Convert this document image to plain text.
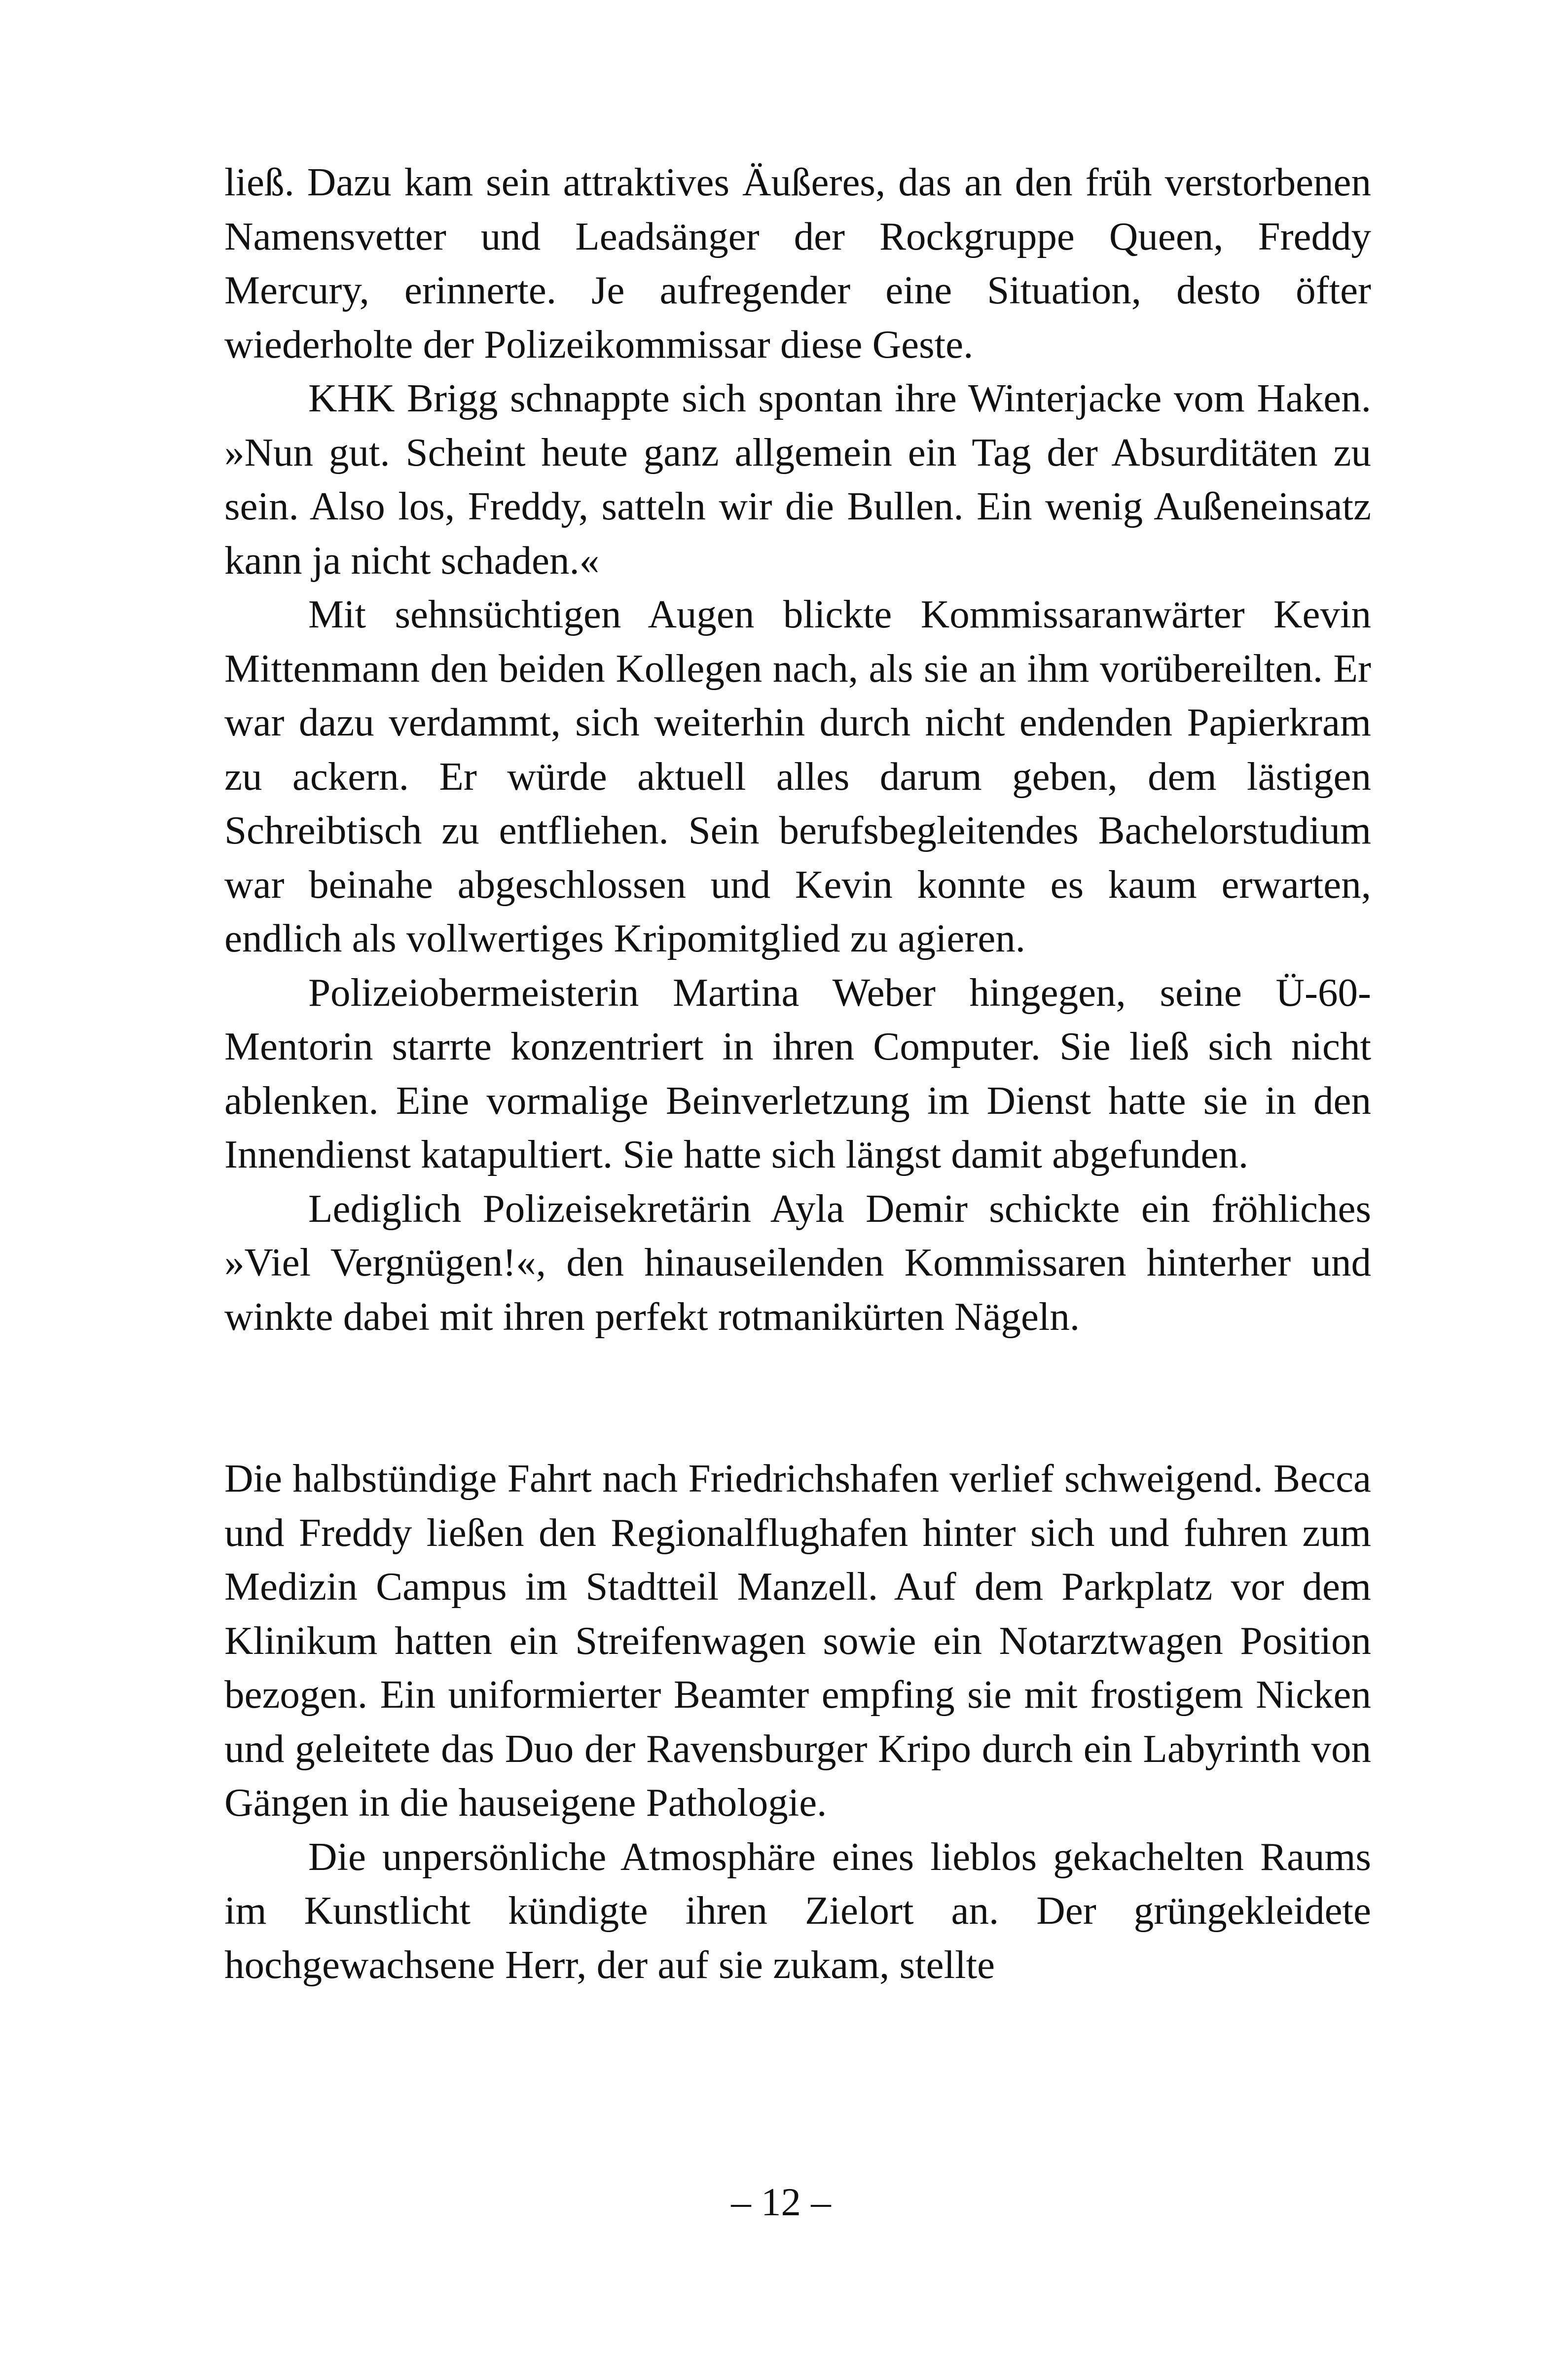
ließ. Dazu kam sein attraktives Äußeres, das an den früh verstorbenen Namensvetter und Leadsänger der Rockgruppe Queen, Freddy Mercury, erinnerte. Je aufregender eine Situation, desto öfter wiederholte der Polizeikommissar diese Geste.

KHK Brigg schnappte sich spontan ihre Winterjacke vom Haken. »Nun gut. Scheint heute ganz allgemein ein Tag der Absurditäten zu sein. Also los, Freddy, satteln wir die Bullen. Ein wenig Außeneinsatz kann ja nicht schaden.«

Mit sehnsüchtigen Augen blickte Kommissaranwärter Kevin Mittenmann den beiden Kollegen nach, als sie an ihm vorübereilten. Er war dazu verdammt, sich weiterhin durch nicht endenden Papierkram zu ackern. Er würde aktuell alles darum geben, dem lästigen Schreibtisch zu entfliehen. Sein berufsbegleitendes Bachelorstudium war beinahe abgeschlossen und Kevin konnte es kaum erwarten, endlich als vollwertiges Kripomitglied zu agieren.

Polizeiobermeisterin Martina Weber hingegen, seine Ü-60-Mentorin starrte konzentriert in ihren Computer. Sie ließ sich nicht ablenken. Eine vormalige Beinverletzung im Dienst hatte sie in den Innendienst katapultiert. Sie hatte sich längst damit abgefunden.

Lediglich Polizeisekretärin Ayla Demir schickte ein fröhliches »Viel Vergnügen!«, den hinauseilenden Kommissaren hinterher und winkte dabei mit ihren perfekt rotmanikürten Nägeln.

Die halbstündige Fahrt nach Friedrichshafen verlief schweigend. Becca und Freddy ließen den Regionalflughafen hinter sich und fuhren zum Medizin Campus im Stadtteil Manzell. Auf dem Parkplatz vor dem Klinikum hatten ein Streifenwagen sowie ein Notarztwagen Position bezogen. Ein uniformierter Beamter empfing sie mit frostigem Nicken und geleitete das Duo der Ravensburger Kripo durch ein Labyrinth von Gängen in die hauseigene Pathologie.

Die unpersönliche Atmosphäre eines lieblos gekachelten Raums im Kunstlicht kündigte ihren Zielort an. Der grüngekleidete hochgewachsene Herr, der auf sie zukam, stellte

– 12 –
